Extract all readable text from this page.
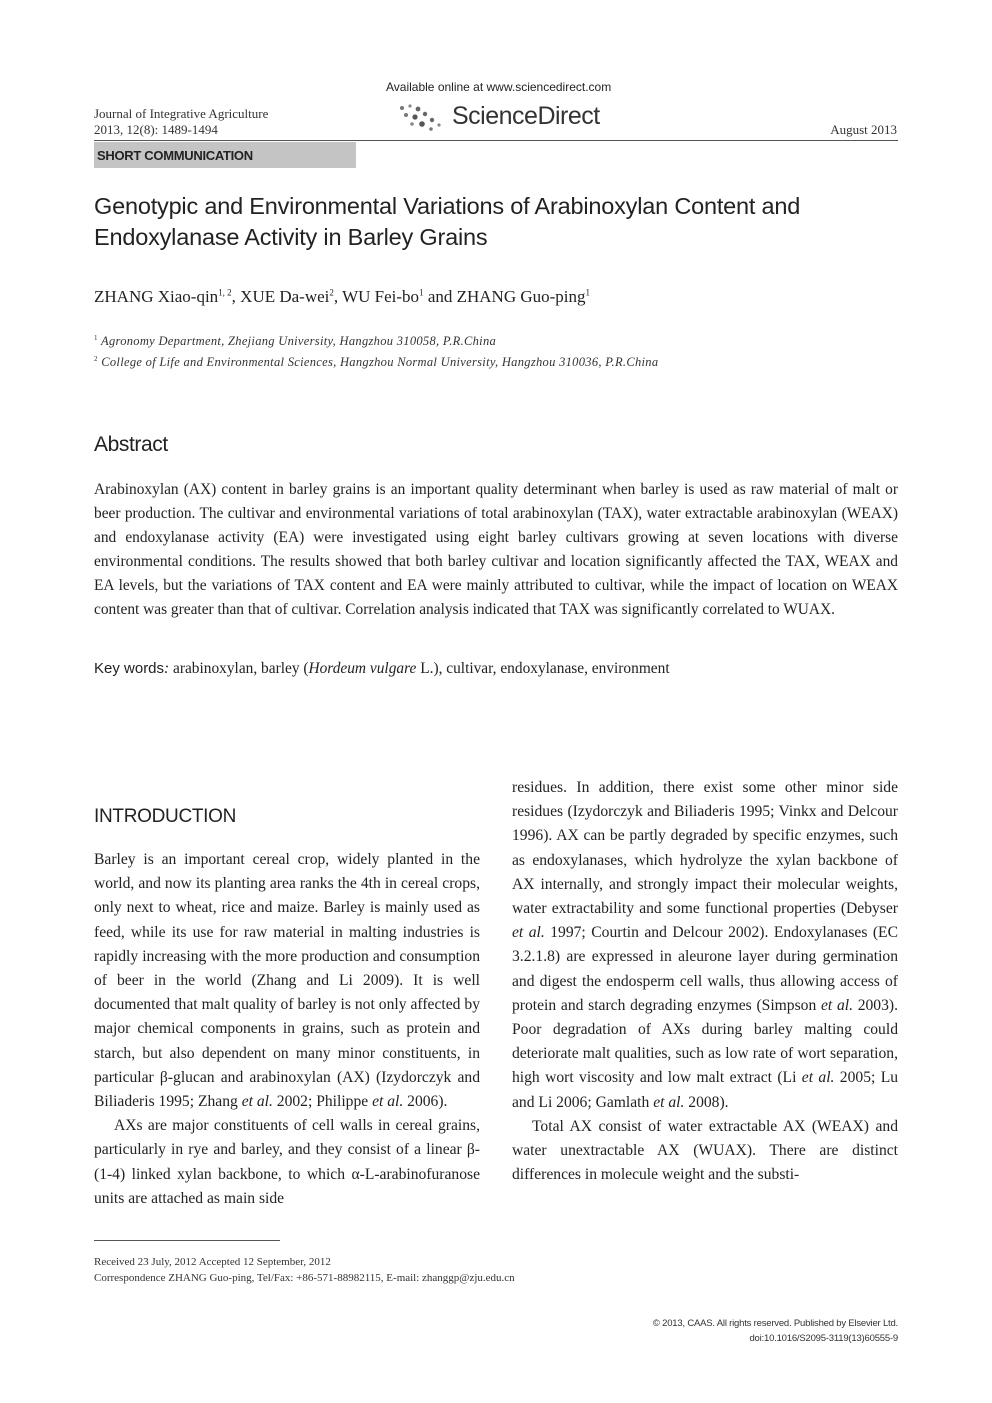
Journal of Integrative Agriculture
2013, 12(8): 1489-1494
Available online at www.sciencedirect.com
ScienceDirect	August 2013
SHORT COMMUNICATION
Genotypic and Environmental Variations of Arabinoxylan Content and Endoxylanase Activity in Barley Grains
ZHANG Xiao-qin$^{1, 2}$, XUE Da-wei$^2$, WU Fei-$bo^1$ and ZHANG Guo-ping$^1$
$^1$ Agronomy Department, Zhejiang University, Hangzhou 310058, P.R.China
$^2$ College of Life and Environmental Sciences, Hangzhou Normal University, Hangzhou 310036, P.R.China
Abstract
Arabinoxylan (AX) content in barley grains is an important quality determinant when barley is used as raw material of malt or beer production. The cultivar and environmental variations of total arabinoxylan (TAX), water extractable arabinoxylan (WEAX) and endoxylanase activity (EA) were investigated using eight barley cultivars growing at seven locations with diverse environmental conditions. The results showed that both barley cultivar and location significantly affected the TAX, WEAX and EA levels, but the variations of TAX content and EA were mainly attributed to cultivar, while the impact of location on WEAX content was greater than that of cultivar. Correlation analysis indicated that TAX was significantly correlated to WUAX.
Key words: arabinoxylan, barley (Hordeum vulgare L.), cultivar, endoxylanase, environment
INTRODUCTION

Barley is an important cereal crop, widely planted in the world, and now its planting area ranks the 4th in cereal crops, only next to wheat, rice and maize. Barley is mainly used as feed, while its use for raw material in malting industries is rapidly increasing with the more production and consumption of beer in the world (Zhang and Li 2009). It is well documented that malt quality of barley is not only affected by major chemical components in grains, such as protein and starch, but also dependent on many minor constituents, in particular β-glucan and arabinoxylan (AX) (Izydorczyk and Biliaderis 1995; Zhang et al. 2002; Philippe et al. 2006).

AXs are major constituents of cell walls in cereal grains, particularly in rye and barley, and they consist of a linear β-(1-4) linked xylan backbone, to which α-L-arabinofuranose units are attached as main side

residues. In addition, there exist some other minor side residues (Izydorczyk and Biliaderis 1995; Vinkx and Delcour 1996). AX can be partly degraded by specific enzymes, such as endoxylanases, which hydrolyze the xylan backbone of AX internally, and strongly impact their molecular weights, water extractability and some functional properties (Debyser et al. 1997; Courtin and Delcour 2002). Endoxylanases (EC 3.2.1.8) are expressed in aleurone layer during germination and digest the endosperm cell walls, thus allowing access of protein and starch degrading enzymes (Simpson et al. 2003). Poor degradation of AXs during barley malting could deteriorate malt qualities, such as low rate of wort separation, high wort viscosity and low malt extract (Li et al. 2005; Lu and Li 2006; Gamlath et al. 2008).

Total AX consist of water extractable AX (WEAX) and water unextractable AX (WUAX). There are distinct differences in molecule weight and the substi-

Received 23 July, 2012 Accepted 12 September, 2012
Correspondence ZHANG Guo-ping, Tel/Fax: +86-571-88982115, E-mail: zhanggp@zju.edu.cn
© 2013, CAAS. All rights reserved. Published by Elsevier Ltd.
doi:10.1016/S2095-3119(13)60555-9
